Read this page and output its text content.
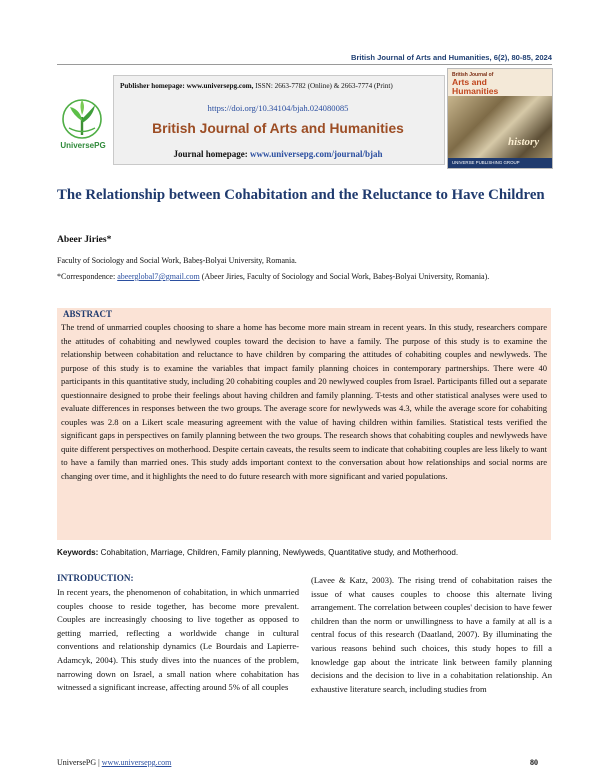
British Journal of Arts and Humanities, 6(2), 80-85, 2024
UniversePG
Publisher homepage: www.universepg.com, ISSN: 2663-7782 (Online) & 2663-7774 (Print)
https://doi.org/10.34104/bjah.024080085
British Journal of Arts and Humanities
Journal homepage: www.universepg.com/journal/bjah
British Journal of
Arts and
Humanities
history
UNIVERSE PUBLISHING GROUP
The Relationship between Cohabitation and the Reluctance to Have Children
Abeer Jiries*
Faculty of Sociology and Social Work, Babeș-Bolyai University, Romania.
*Correspondence: abeerglobal7@gmail.com (Abeer Jiries, Faculty of Sociology and Social Work, Babeș-Bolyai University, Romania).
ABSTRACT
The trend of unmarried couples choosing to share a home has become more main stream in recent years. In this study, researchers compare the attitudes of cohabiting and newlywed couples toward the decision to have a family. The purpose of this study is to examine the relationship between cohabitation and reluctance to have children by comparing the attitudes of cohabiting couples and newlyweds. The purpose of this study is to examine the variables that impact family planning choices in contemporary partnerships. There were 40 participants in this quantitative study, including 20 cohabiting couples and 20 newlywed couples from Israel. Participants filled out a separate questionnaire designed to probe their feelings about having children and family planning. T-tests and other statistical analyses were used to evaluate differences in responses between the two groups. The average score for newlyweds was 4.3, while the average score for cohabiting couples was 2.8 on a Likert scale measuring agreement with the value of having children within families. Statistical tests verified the significant gaps in perspectives on family planning between the two groups. The research shows that cohabiting couples and newlyweds have quite different perspectives on motherhood. Despite certain caveats, the results seem to indicate that cohabiting couples are less likely to want to have a family than married ones. This study adds important context to the conversation about how relationships and social norms are changing over time, and it highlights the need to do future research with more significant and varied populations.
Keywords: Cohabitation, Marriage, Children, Family planning, Newlyweds, Quantitative study, and Motherhood.
INTRODUCTION:
In recent years, the phenomenon of cohabitation, in which unmarried couples choose to reside together, has become more prevalent. Couples are increasingly choosing to live together as opposed to getting married, reflecting a worldwide change in cultural conventions and relationship dynamics (Le Bourdais and Lapierre-Adamcyk, 2004). This study dives into the nuances of the problem, narrowing down on Israel, a small nation where cohabitation has witnessed a significant increase, affecting around 5% of all couples
(Lavee & Katz, 2003). The rising trend of cohabitation raises the issue of what causes couples to choose this alternate living arrangement. The correlation between couples' decision to have fewer children than the norm or unwillingness to have a family at all is a central focus of this research (Daatland, 2007). By illuminating the various reasons behind such choices, this study hopes to fill a knowledge gap about the intricate link between family planning decisions and the decision to live in a cohabitation relationship. An exhaustive literature search, including studies from
UniversePG | www.universepg.com	80
